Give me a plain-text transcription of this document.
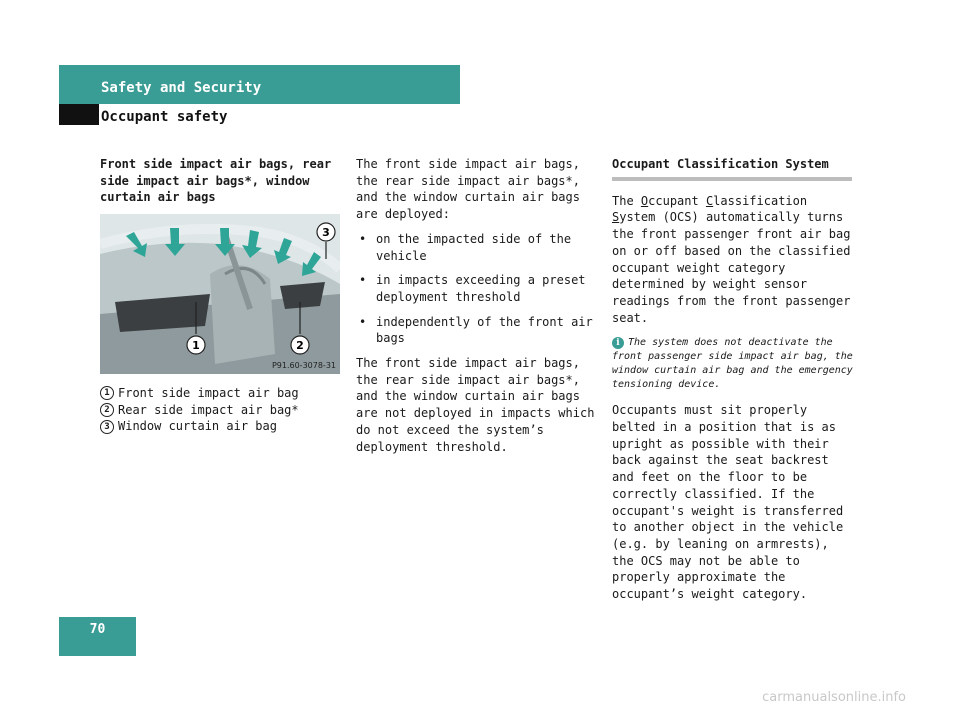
Safety and Security
Occupant safety
Front side impact air bags, rear side impact air bags*, window curtain air bags
1	2
3
P91.60-3078-31
1 Front side impact air bag
2 Rear side impact air bag*
3 Window curtain air bag

The front side impact air bags, the rear side impact air bags*, and the window curtain air bags are deployed:

• on the impacted side of the vehicle
• in impacts exceeding a preset deployment threshold
• independently of the front air bags

The front side impact air bags, the rear side impact air bags*, and the window curtain air bags are not deployed in impacts which do not exceed the system’s deployment threshold.

Occupant Classification System

The Occupant Classification System (OCS) automatically turns the front passenger front air bag on or off based on the classified occupant weight category determined by weight sensor readings from the front passenger seat.

i The system does not deactivate the front passenger side impact air bag, the window curtain air bag and the emergency tensioning device.

Occupants must sit properly belted in a position that is as upright as possible with their back against the seat backrest and feet on the floor to be correctly classified. If the occupant's weight is transferred to another object in the vehicle (e.g. by leaning on armrests), the OCS may not be able to properly approximate the occupant’s weight category.

70
carmanualsonline.info
